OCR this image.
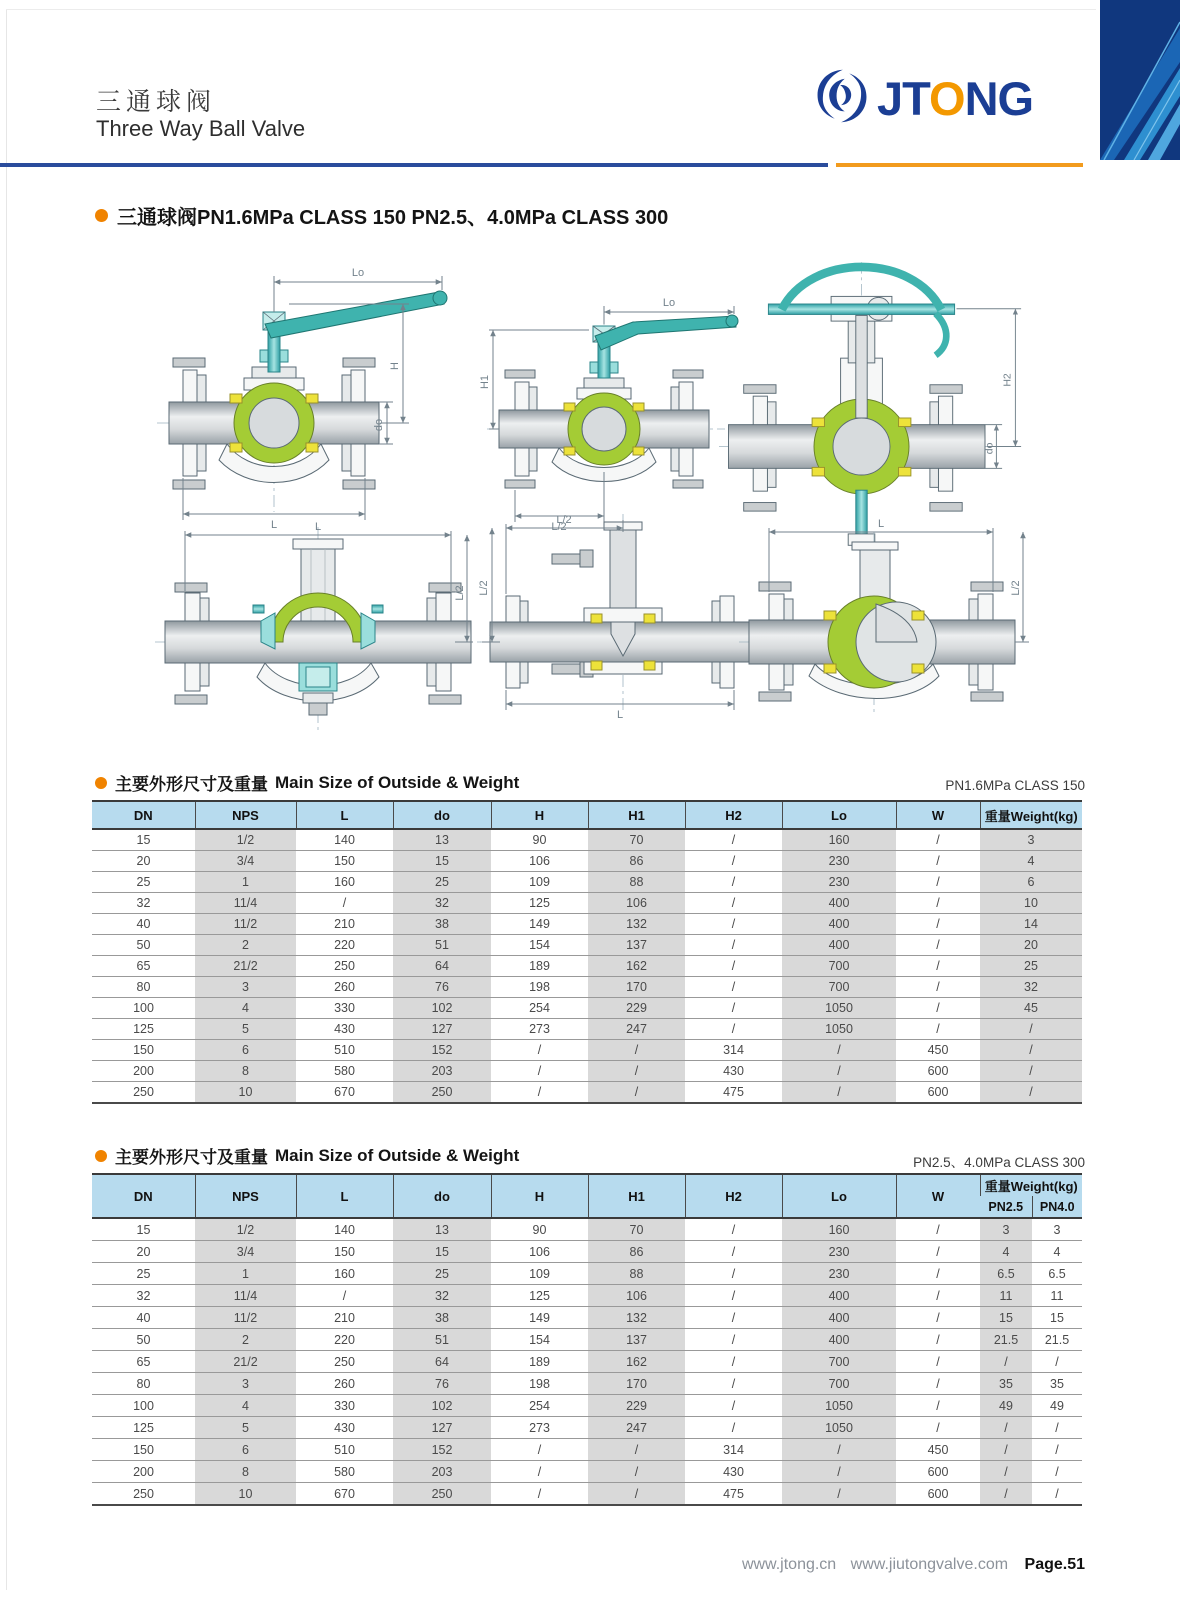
三通球阀
Three Way Ball Valve
JTONG
三通球阀PN1.6MPa CLASS 150 PN2.5、4.0MPa CLASS 300
Lo
H
do
L
Lo
H1
L/2
H2
do
L
L/2
L/2
L/2
L
L
L/2
主要外形尺寸及重量 Main Size of Outside & Weight	PN1.6MPa CLASS 150
DN	NPS	L	do	H	H1	H2	Lo	W	重量Weight(kg)
15	1/2	140	13	90	70	/	160	/	3
20	3/4	150	15	106	86	/	230	/	4
25	1	160	25	109	88	/	230	/	6
32	11/4	/	32	125	106	/	400	/	10
40	11/2	210	38	149	132	/	400	/	14
50	2	220	51	154	137	/	400	/	20
65	21/2	250	64	189	162	/	700	/	25
80	3	260	76	198	170	/	700	/	32
100	4	330	102	254	229	/	1050	/	45
125	5	430	127	273	247	/	1050	/	/
150	6	510	152	/	/	314	/	450	/
200	8	580	203	/	/	430	/	600	/
250	10	670	250	/	/	475	/	600	/
主要外形尺寸及重量 Main Size of Outside & Weight	PN2.5、4.0MPa CLASS 300
DN	NPS	L	do	H	H1	H2	Lo	W	重量Weight(kg)	
									PN2.5	PN4.0
15	1/2	140	13	90	70	/	160	/	3	3
20	3/4	150	15	106	86	/	230	/	4	4
25	1	160	25	109	88	/	230	/	6.5	6.5
32	11/4	/	32	125	106	/	400	/	11	11
40	11/2	210	38	149	132	/	400	/	15	15
50	2	220	51	154	137	/	400	/	21.5	21.5
65	21/2	250	64	189	162	/	700	/	/	/
80	3	260	76	198	170	/	700	/	35	35
100	4	330	102	254	229	/	1050	/	49	49
125	5	430	127	273	247	/	1050	/	/	/
150	6	510	152	/	/	314	/	450	/	/
200	8	580	203	/	/	430	/	600	/	/
250	10	670	250	/	/	475	/	600	/	/
www.jtong.cn www.jiutongvalve.com Page.51
